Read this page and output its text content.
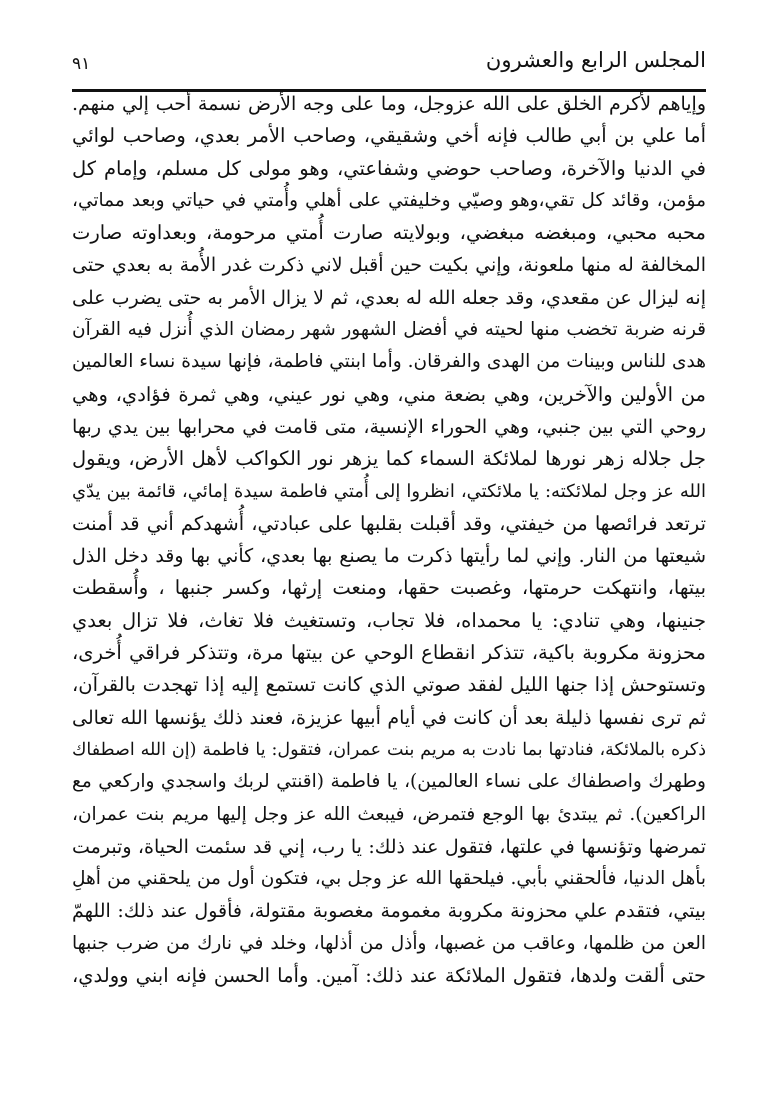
المجلس الرابع والعشرون
٩١
وإياهم لأكرم الخلق على الله عزوجل، وما على وجه الأرض نسمة أحب إلي منهم.
أما علي بن أبي طالب فإنه أخي وشقيقي، وصاحب الأمر بعدي، وصاحب لوائي
في الدنيا والآخرة، وصاحب حوضي وشفاعتي، وهو مولى كل مسلم، وإمام كل
مؤمن، وقائد كل تقي،وهو وصيّي وخليفتي على أهلي وأُمتي في حياتي وبعد مماتي،
محبه محبي، ومبغضه مبغضي، وبولايته صارت أُمتي مرحومة، وبعداوته صارت
المخالفة له منها ملعونة، وإني بكيت حين أقبل لاني ذكرت غدر الأُمة به بعدي حتى
إنه ليزال عن مقعدي، وقد جعله الله له بعدي، ثم لا يزال الأمر به حتى يضرب على
قرنه ضربة تخضب منها لحيته في أفضل الشهور شهر رمضان الذي أُنزل فيه القرآن
هدى للناس وبينات من الهدى والفرقان. وأما ابنتي فاطمة، فإنها سيدة نساء العالمين
من الأولين والآخرين، وهي بضعة مني، وهي نور عيني، وهي ثمرة فؤادي، وهي
روحي التي بين جنبي، وهي الحوراء الإنسية، متى قامت في محرابها بين يدي ربها
جل جلاله زهر نورها لملائكة السماء كما يزهر نور الكواكب لأهل الأرض، ويقول
الله عز وجل لملائكته: يا ملائكتي، انظروا إلى أُمتي فاطمة سيدة إمائي، قائمة بين يدّي
ترتعد فرائصها من خيفتي، وقد أقبلت بقلبها على عبادتي، أُشهدكم أني قد أمنت
شيعتها من النار. وإني لما رأيتها ذكرت ما يصنع بها بعدي، كأني بها وقد دخل الذل
بيتها، وانتهكت حرمتها، وغصبت حقها، ومنعت إرثها، وكسر جنبها ، وأُسقطت
جنينها، وهي تنادي: يا محمداه، فلا تجاب، وتستغيث فلا تغاث، فلا تزال بعدي
محزونة مكروبة باكية، تتذكر انقطاع الوحي عن بيتها مرة، وتتذكر فراقي أُخرى،
وتستوحش إذا جنها الليل لفقد صوتي الذي كانت تستمع إليه إذا تهجدت بالقرآن،
ثم ترى نفسها ذليلة بعد أن كانت في أيام أبيها عزيزة، فعند ذلك يؤنسها الله تعالى
ذكره بالملائكة، فنادتها بما نادت به مريم بنت عمران، فتقول: يا فاطمة (إن الله اصطفاك
وطهرك واصطفاك على نساء العالمين)، يا فاطمة (اقنتي لربك واسجدي واركعي مع
الراكعين). ثم يبتدئ بها الوجع فتمرض، فيبعث الله عز وجل إليها مريم بنت عمران،
تمرضها وتؤنسها في علتها، فتقول عند ذلك: يا رب، إني قد سئمت الحياة، وتبرمت
بأهل الدنيا، فألحقني بأبي. فيلحقها الله عز وجل بي، فتكون أول من يلحقني من أهلِ
بيتي، فتقدم علي محزونة مكروبة مغمومة مغصوبة مقتولة، فأقول عند ذلك: اللهمّ
العن من ظلمها، وعاقب من غصبها، وأذل من أذلها، وخلد في نارك من ضرب جنبها
حتى ألقت ولدها، فتقول الملائكة عند ذلك: آمين. وأما الحسن فإنه ابني وولدي،
